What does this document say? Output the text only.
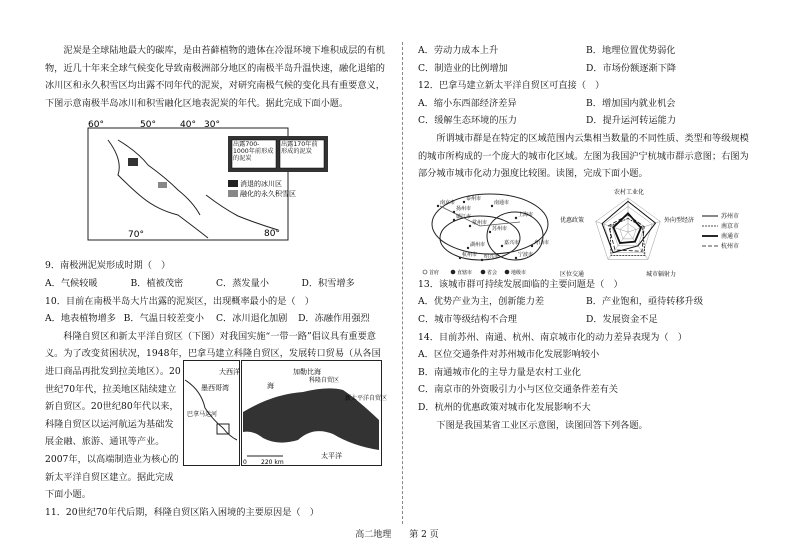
泥炭是全球陆地最大的碳库，是由苔藓植物的遗体在冷湿环境下堆积成层的有机物，近几十年来全球气候变化导致南极洲部分地区的南极半岛升温快速，融化退缩的冰川区和永久积雪区均出露不同年代的泥炭，对研究南极气候的变化具有重要意义，下图示意南极半岛冰川和积雪融化区地表泥炭的年代。据此完成下面小题。

9．南极洲泥炭形成时期（　）

A．气候较暖	B．植被茂密	C．蒸发量小	D．积雪增多

10．目前在南极半岛大片出露的泥炭区，出现概率最小的是（　）

A．地表植物增多 B．气温日较差变小	C．冰川退化加剧	D．冻融作用强烈

科隆自贸区和新太平洋自贸区（下图）对我国实施“一带一路”倡议具有重要意义。为了改变贫困状况，1948年，巴拿马建立科隆自贸区，发展转口贸易（从各国进口商品再批发到拉美地区）。20

世纪70年代，拉美地区陆续建立新自贸区。20世纪80年代以来，科隆自贸区以运河航运为基础发展金融、旅游、通讯等产业。2007年，以高端制造业为核心的新太平洋自贸区建立。据此完成下面小题。

11．20世纪70年代后期，科隆自贸区陷入困境的主要原因是（　）

60°	50°	40° 30°
70°	80°
出露700-1000年前形成的泥炭
出露170年前形成的泥炭
消退的冰川区
融化的永久积雪区
墨西哥湾
大西洋
巴拿马运河
加勒比海
海
科隆自贸区
新太平洋自贸区
洋
太平洋
0 220 km
A．劳动力成本上升	B．地理位置优势弱化
C．制造业的比例增加	D．市场份额逐渐下降

12．巴拿马建立新太平洋自贸区可直接（　）

A．缩小东西部经济差异	B．增加国内就业机会
C．缓解生态环境的压力	D．提升运河转运能力

所谓城市群是在特定的区域范围内云集相当数量的不同性质、类型和等级规模的城市所构成的一个庞大的城市化区域。左图为我国沪宁杭城市群示意图；右图为部分城市城市化动力强度比较图。读图，完成下面小题。

13．该城市群可持续发展面临的主要问题是（　）

A．优势产业为主，创新能力差	B．产业饱和，亟待转移升级
C．城市等级结构不合理	D．发展资金不足

14．目前苏州、南通、杭州、南京城市化的动力差异表现为（　）

A．区位交通条件对苏州城市化发展影响较小

B．南通城市化的主导力量是农村工业化

C．南京市的外资吸引力小与区位交通条件差有关

D．杭州的优惠政策对城市化发展影响不大

下图是我国某省工业区示意图，读图回答下列各题。

南京市
扬州市
镇江市
常州市
泰州市
南通市
苏州市
上海市
湖州市	嘉兴市
杭州市 绍兴市	宁波市
舟山市
首府	直辖市	省会	地级市
农村工业化
外向型经济
城市辐射力
区位交通
优惠政策
苏州市
南京市
南通市
杭州市
高二地理　　第 2 页
